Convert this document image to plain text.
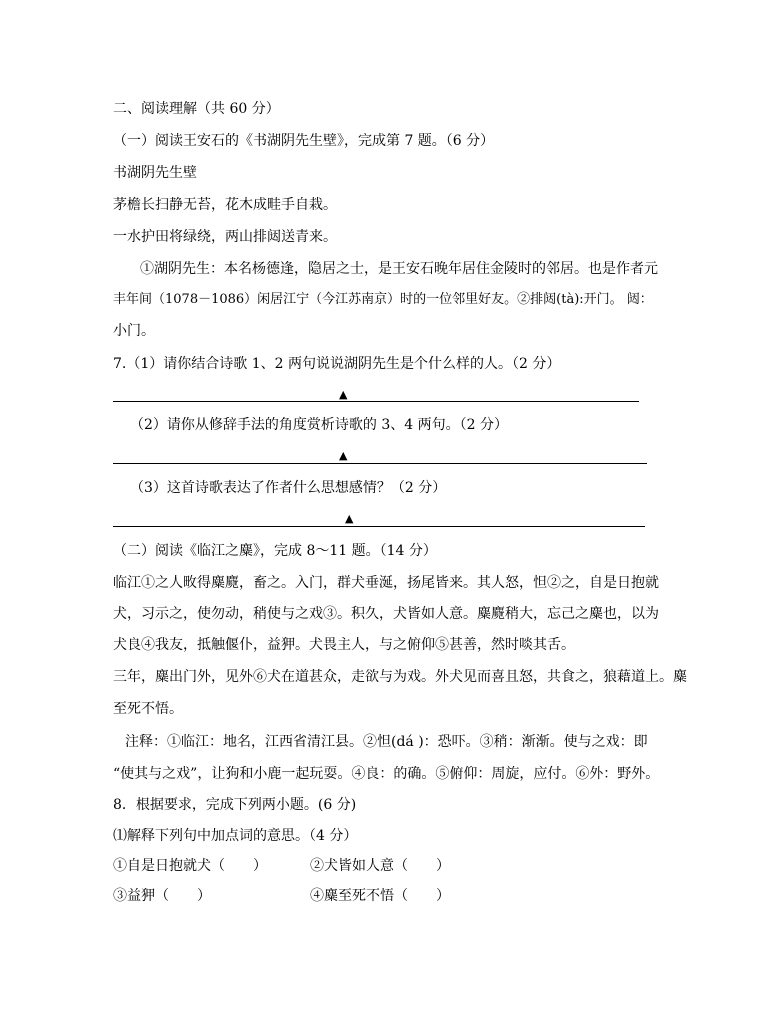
二、阅读理解（共 60 分）
（一）阅读王安石的《书湖阴先生壁》，完成第 7 题。（6 分）
书湖阴先生壁
茅檐长扫静无苔，花木成畦手自栽。
一水护田将绿绕，两山排闼送青来。
①湖阴先生：本名杨德逢，隐居之士，是王安石晚年居住金陵时的邻居。也是作者元
丰年间（1078－1086）闲居江宁（今江苏南京）时的一位邻里好友。②排闼(tà):开门。 闼：
小门。
7.（1）请你结合诗歌 1、2 两句说说湖阴先生是个什么样的人。（2 分）
▲
（2）请你从修辞手法的角度赏析诗歌的 3、4 两句。（2 分）
▲
（3）这首诗歌表达了作者什么思想感情？（2 分）
▲
（二）阅读《临江之麋》，完成 8～11 题。（14 分）
临江①之人畋得麋麑，畜之。入门，群犬垂涎，扬尾皆来。其人怒，怛②之，自是日抱就
犬，习示之，使勿动，稍使与之戏③。积久，犬皆如人意。麋麑稍大，忘己之麋也，以为
犬良④我友，抵触偃仆，益狎。犬畏主人，与之俯仰⑤甚善，然时啖其舌。
三年，麋出门外，见外⑥犬在道甚众，走欲与为戏。外犬见而喜且怒，共食之，狼藉道上。麋
至死不悟。
注释：①临江：地名，江西省清江县。②怛(dá )：恐吓。③稍：渐渐。使与之戏：即
“使其与之戏”，让狗和小鹿一起玩耍。④良：的确。⑤俯仰：周旋，应付。⑥外：野外。
8．根据要求，完成下列两小题。(6 分)
⑴解释下列句中加点词的意思。（4 分）
①自是日抱就犬（　　）	②犬皆如人意（　　）
③益狎（　　）	④麋至死不悟（　　）
